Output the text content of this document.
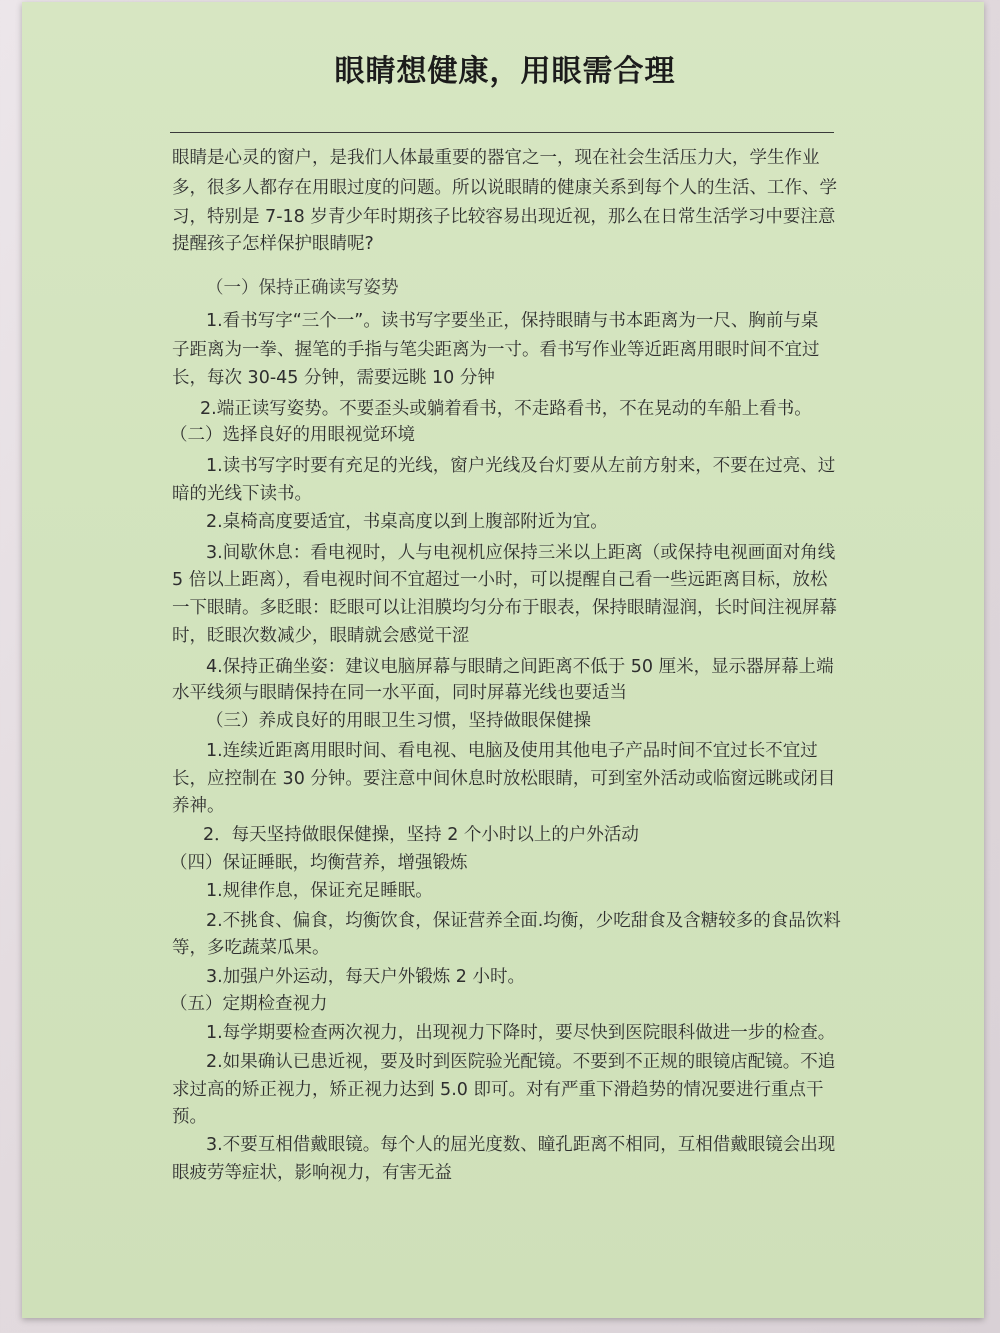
眼睛想健康，用眼需合理
眼睛是心灵的窗户，是我们人体最重要的器官之一，现在社会生活压力大，学生作业
多，很多人都存在用眼过度的问题。所以说眼睛的健康关系到每个人的生活、工作、学
习，特别是 7-18 岁青少年时期孩子比较容易出现近视，那么在日常生活学习中要注意
提醒孩子怎样保护眼睛呢?
（一）保持正确读写姿势
1.看书写字“三个一”。读书写字要坐正，保持眼睛与书本距离为一尺、胸前与桌
子距离为一拳、握笔的手指与笔尖距离为一寸。看书写作业等近距离用眼时间不宜过
长，每次 30-45 分钟，需要远眺 10 分钟
2.端正读写姿势。不要歪头或躺着看书，不走路看书，不在晃动的车船上看书。
（二）选择良好的用眼视觉环境
1.读书写字时要有充足的光线，窗户光线及台灯要从左前方射来，不要在过亮、过
暗的光线下读书。
2.桌椅高度要适宜，书桌高度以到上腹部附近为宜。
3.间歇休息：看电视时，人与电视机应保持三米以上距离（或保持电视画面对角线
5 倍以上距离），看电视时间不宜超过一小时，可以提醒自己看一些远距离目标，放松
一下眼睛。多眨眼：眨眼可以让泪膜均匀分布于眼表，保持眼睛湿润，长时间注视屏幕
时，眨眼次数减少，眼睛就会感觉干涩
4.保持正确坐姿：建议电脑屏幕与眼睛之间距离不低于 50 厘米，显示器屏幕上端
水平线须与眼睛保持在同一水平面，同时屏幕光线也要适当
（三）养成良好的用眼卫生习惯，坚持做眼保健操
1.连续近距离用眼时间、看电视、电脑及使用其他电子产品时间不宜过长不宜过
长，应控制在 30 分钟。要注意中间休息时放松眼睛，可到室外活动或临窗远眺或闭目
养神。
2．每天坚持做眼保健操，坚持 2 个小时以上的户外活动
（四）保证睡眠，均衡营养，增强锻炼
1.规律作息，保证充足睡眠。
2.不挑食、偏食，均衡饮食，保证营养全面.均衡，少吃甜食及含糖较多的食品饮料
等，多吃蔬菜瓜果。
3.加强户外运动，每天户外锻炼 2 小时。
（五）定期检查视力
1.每学期要检查两次视力，出现视力下降时，要尽快到医院眼科做进一步的检查。
2.如果确认已患近视，要及时到医院验光配镜。不要到不正规的眼镜店配镜。不追
求过高的矫正视力，矫正视力达到 5.0 即可。对有严重下滑趋势的情况要进行重点干
预。
3.不要互相借戴眼镜。每个人的屈光度数、瞳孔距离不相同，互相借戴眼镜会出现
眼疲劳等症状，影响视力，有害无益
